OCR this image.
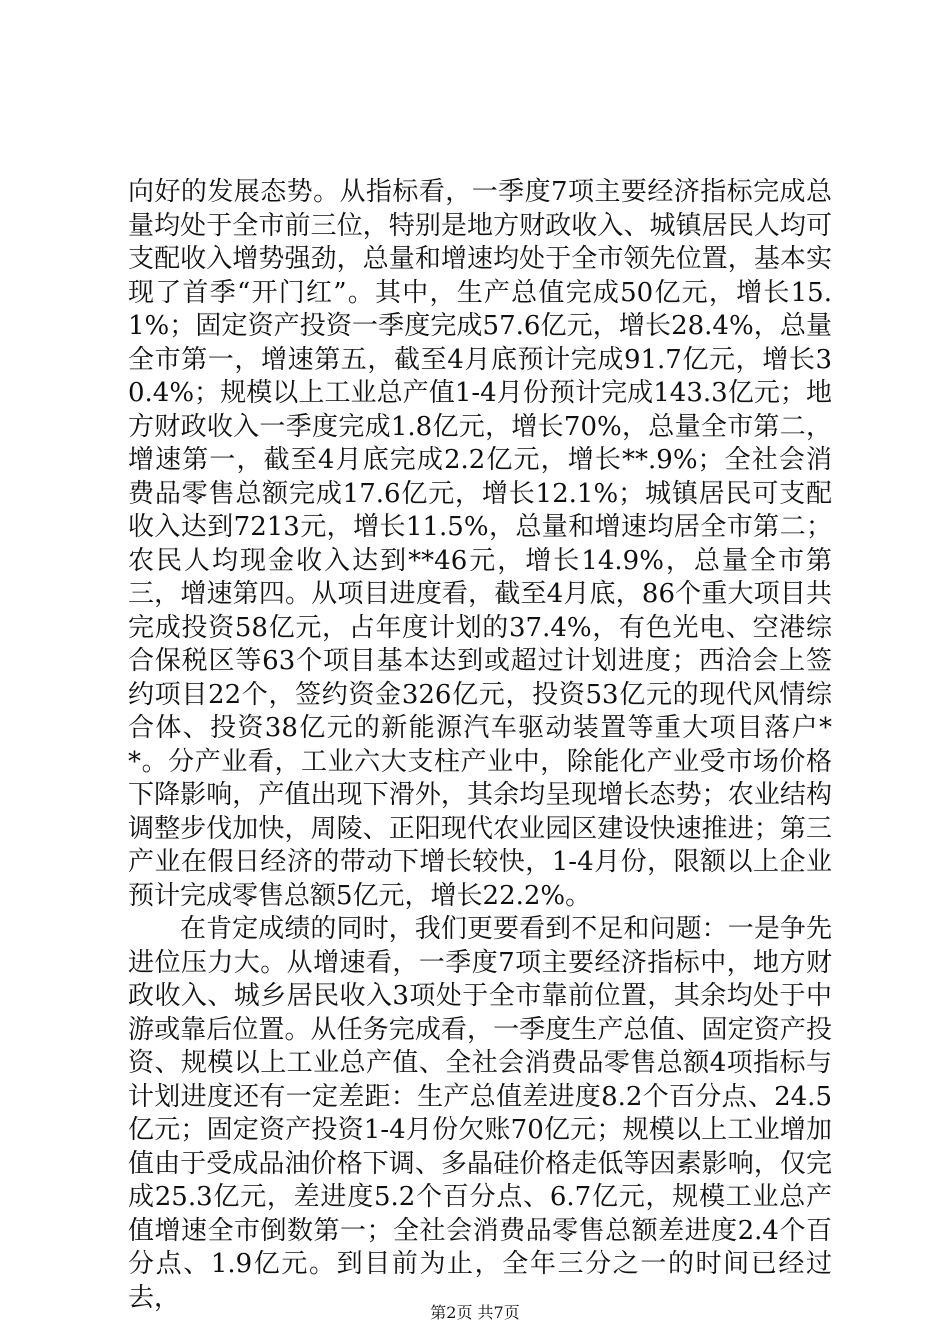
向好的发展态势。从指标看，一季度7项主要经济指标完成总量均处于全市前三位，特别是地方财政收入、城镇居民人均可支配收入增势强劲，总量和增速均处于全市领先位置，基本实现了首季“开门红”。其中，生产总值完成50亿元，增长15.1%；固定资产投资一季度完成57.6亿元，增长28.4%，总量全市第一，增速第五，截至4月底预计完成91.7亿元，增长30.4%；规模以上工业总产值1-4月份预计完成143.3亿元；地方财政收入一季度完成1.8亿元，增长70%，总量全市第二，增速第一，截至4月底完成2.2亿元，增长**.9%；全社会消费品零售总额完成17.6亿元，增长12.1%；城镇居民可支配收入达到7213元，增长11.5%，总量和增速均居全市第二；农民人均现金收入达到**46元，增长14.9%，总量全市第三，增速第四。从项目进度看，截至4月底，86个重大项目共完成投资58亿元，占年度计划的37.4%，有色光电、空港综合保税区等63个项目基本达到或超过计划进度；西洽会上签约项目22个，签约资金326亿元，投资53亿元的现代风情综合体、投资38亿元的新能源汽车驱动装置等重大项目落户**。分产业看，工业六大支柱产业中，除能化产业受市场价格下降影响，产值出现下滑外，其余均呈现增长态势；农业结构调整步伐加快，周陵、正阳现代农业园区建设快速推进；第三产业在假日经济的带动下增长较快，1-4月份，限额以上企业预计完成零售总额5亿元，增长22.2%。

在肯定成绩的同时，我们更要看到不足和问题：一是争先进位压力大。从增速看，一季度7项主要经济指标中，地方财政收入、城乡居民收入3项处于全市靠前位置，其余均处于中游或靠后位置。从任务完成看，一季度生产总值、固定资产投资、规模以上工业总产值、全社会消费品零售总额4项指标与计划进度还有一定差距：生产总值差进度8.2个百分点、24.5亿元；固定资产投资1-4月份欠账70亿元；规模以上工业增加值由于受成品油价格下调、多晶硅价格走低等因素影响，仅完成25.3亿元，差进度5.2个百分点、6.7亿元，规模工业总产值增速全市倒数第一；全社会消费品零售总额差进度2.4个百分点、1.9亿元。到目前为止，全年三分之一的时间已经过去，	第2页 共7页
